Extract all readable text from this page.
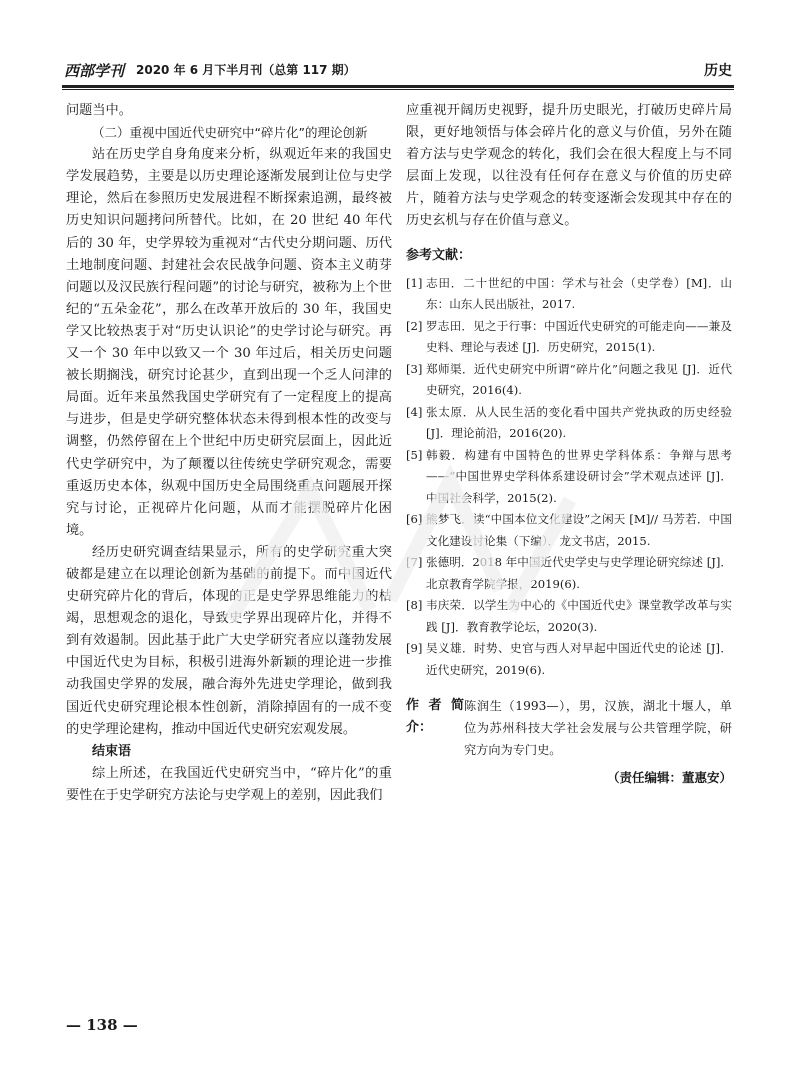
西部学刊 2020 年 6 月下半月刊（总第 117 期）	历史

问题当中。

（二）重视中国近代史研究中“碎片化”的理论创新

站在历史学自身角度来分析，纵观近年来的我国史学发展趋势，主要是以历史理论逐渐发展到让位与史学理论，然后在参照历史发展进程不断探索追溯，最终被历史知识问题拷问所替代。比如，在 20 世纪 40 年代后的 30 年，史学界较为重视对“古代史分期问题、历代土地制度问题、封建社会农民战争问题、资本主义萌芽问题以及汉民族行程问题”的讨论与研究，被称为上个世纪的“五朵金花”，那么在改革开放后的 30 年，我国史学又比较热衷于对“历史认识论”的史学讨论与研究。再又一个 30 年中以致又一个 30 年过后，相关历史问题被长期搁浅，研究讨论甚少，直到出现一个乏人问津的局面。近年来虽然我国史学研究有了一定程度上的提高与进步，但是史学研究整体状态未得到根本性的改变与调整，仍然停留在上个世纪中历史研究层面上，因此近代史学研究中，为了颠覆以往传统史学研究观念，需要重返历史本体，纵观中国历史全局围绕重点问题展开探究与讨论，正视碎片化问题，从而才能摆脱碎片化困境。

经历史研究调查结果显示，所有的史学研究重大突破都是建立在以理论创新为基础的前提下。而中国近代史研究碎片化的背后，体现的正是史学界思维能力的枯竭，思想观念的退化，导致史学界出现碎片化，并得不到有效遏制。因此基于此广大史学研究者应以蓬勃发展中国近代史为目标，积极引进海外新颖的理论进一步推动我国史学界的发展，融合海外先进史学理论，做到我国近代史研究理论根本性创新，消除掉固有的一成不变的史学理论建构，推动中国近代史研究宏观发展。

结束语

综上所述，在我国近代史研究当中，“碎片化”的重要性在于史学研究方法论与史学观上的差别，因此我们

应重视开阔历史视野，提升历史眼光，打破历史碎片局限，更好地领悟与体会碎片化的意义与价值，另外在随着方法与史学观念的转化，我们会在很大程度上与不同层面上发现，以往没有任何存在意义与价值的历史碎片，随着方法与史学观念的转变逐渐会发现其中存在的历史玄机与存在价值与意义。

参考文献：

[1] 志田．二十世纪的中国：学术与社会（史学卷）[M]．山东：山东人民出版社，2017.
[2] 罗志田．见之于行事：中国近代史研究的可能走向——兼及史料、理论与表述 [J]．历史研究，2015(1).
[3] 郑师渠．近代史研究中所谓“碎片化”问题之我见 [J]．近代史研究，2016(4).
[4] 张太原．从人民生活的变化看中国共产党执政的历史经验 [J]．理论前沿，2016(20).
[5] 韩毅．构建有中国特色的世界史学科体系：争辩与思考——“中国世界史学科体系建设研讨会”学术观点述评 [J]．中国社会科学，2015(2).
[6] 熊梦飞．读“中国本位文化建设”之闲天 [M]// 马芳若．中国文化建设讨论集（下编）．龙文书店，2015.
[7] 张德明．2018 年中国近代史学史与史学理论研究综述 [J]．北京教育学院学报，2019(6).
[8] 韦庆荣．以学生为中心的《中国近代史》课堂教学改革与实践 [J]．教育教学论坛，2020(3).
[9] 吴义雄．时势、史官与西人对早起中国近代史的论述 [J]．近代史研究，2019(6).
作者简介：
陈润生（1993—），男，汉族，湖北十堰人，单位为苏州科技大学社会发展与公共管理学院，研究方向为专门史。
（责任编辑：董惠安）
— 138 —
